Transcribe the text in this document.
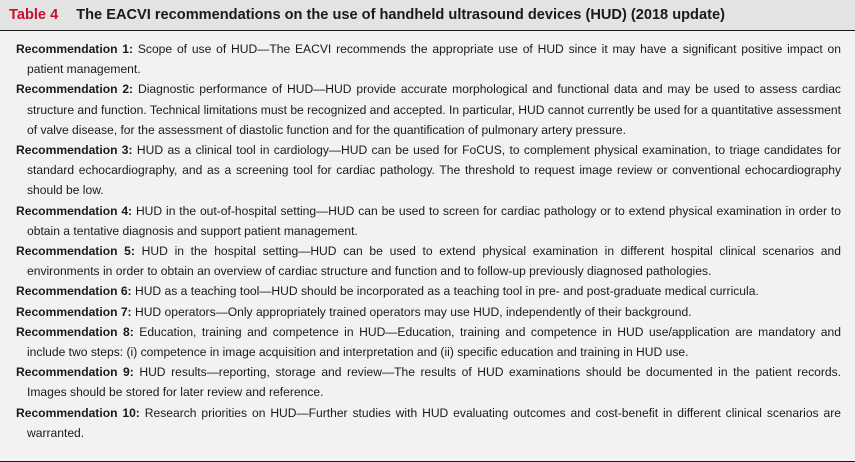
Table 4 The EACVI recommendations on the use of handheld ultrasound devices (HUD) (2018 update)

Recommendation 1: Scope of use of HUD—The EACVI recommends the appropriate use of HUD since it may have a significant positive impact on patient management.

Recommendation 2: Diagnostic performance of HUD—HUD provide accurate morphological and functional data and may be used to assess cardiac structure and function. Technical limitations must be recognized and accepted. In particular, HUD cannot currently be used for a quantitative assessment of valve disease, for the assessment of diastolic function and for the quantification of pulmonary artery pressure.

Recommendation 3: HUD as a clinical tool in cardiology—HUD can be used for FoCUS, to complement physical examination, to triage candidates for standard echocardiography, and as a screening tool for cardiac pathology. The threshold to request image review or conventional echocardiography should be low.

Recommendation 4: HUD in the out-of-hospital setting—HUD can be used to screen for cardiac pathology or to extend physical examination in order to obtain a tentative diagnosis and support patient management.

Recommendation 5: HUD in the hospital setting—HUD can be used to extend physical examination in different hospital clinical scenarios and environments in order to obtain an overview of cardiac structure and function and to follow-up previously diagnosed pathologies.

Recommendation 6: HUD as a teaching tool—HUD should be incorporated as a teaching tool in pre- and post-graduate medical curricula.

Recommendation 7: HUD operators—Only appropriately trained operators may use HUD, independently of their background.

Recommendation 8: Education, training and competence in HUD—Education, training and competence in HUD use/application are mandatory and include two steps: (i) competence in image acquisition and interpretation and (ii) specific education and training in HUD use.

Recommendation 9: HUD results—reporting, storage and review—The results of HUD examinations should be documented in the patient records. Images should be stored for later review and reference.

Recommendation 10: Research priorities on HUD—Further studies with HUD evaluating outcomes and cost-benefit in different clinical scenarios are warranted.
